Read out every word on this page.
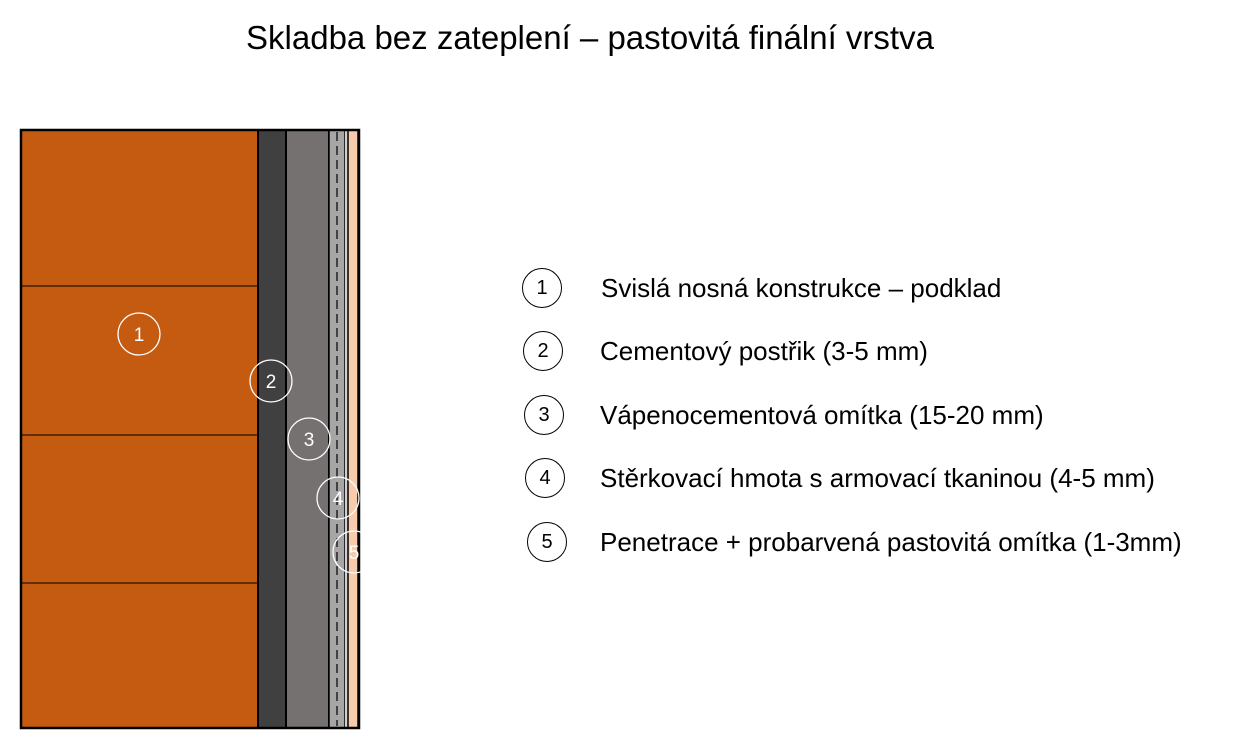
Skladba bez zateplení – pastovitá finální vrstva
1
2
3
4
5
1	Svislá nosná konstrukce – podklad
2	Cementový postřik (3-5 mm)
3	Vápenocementová omítka (15-20 mm)
4	Stěrkovací hmota s armovací tkaninou (4-5 mm)
5	Penetrace + probarvená pastovitá omítka (1-3mm)
